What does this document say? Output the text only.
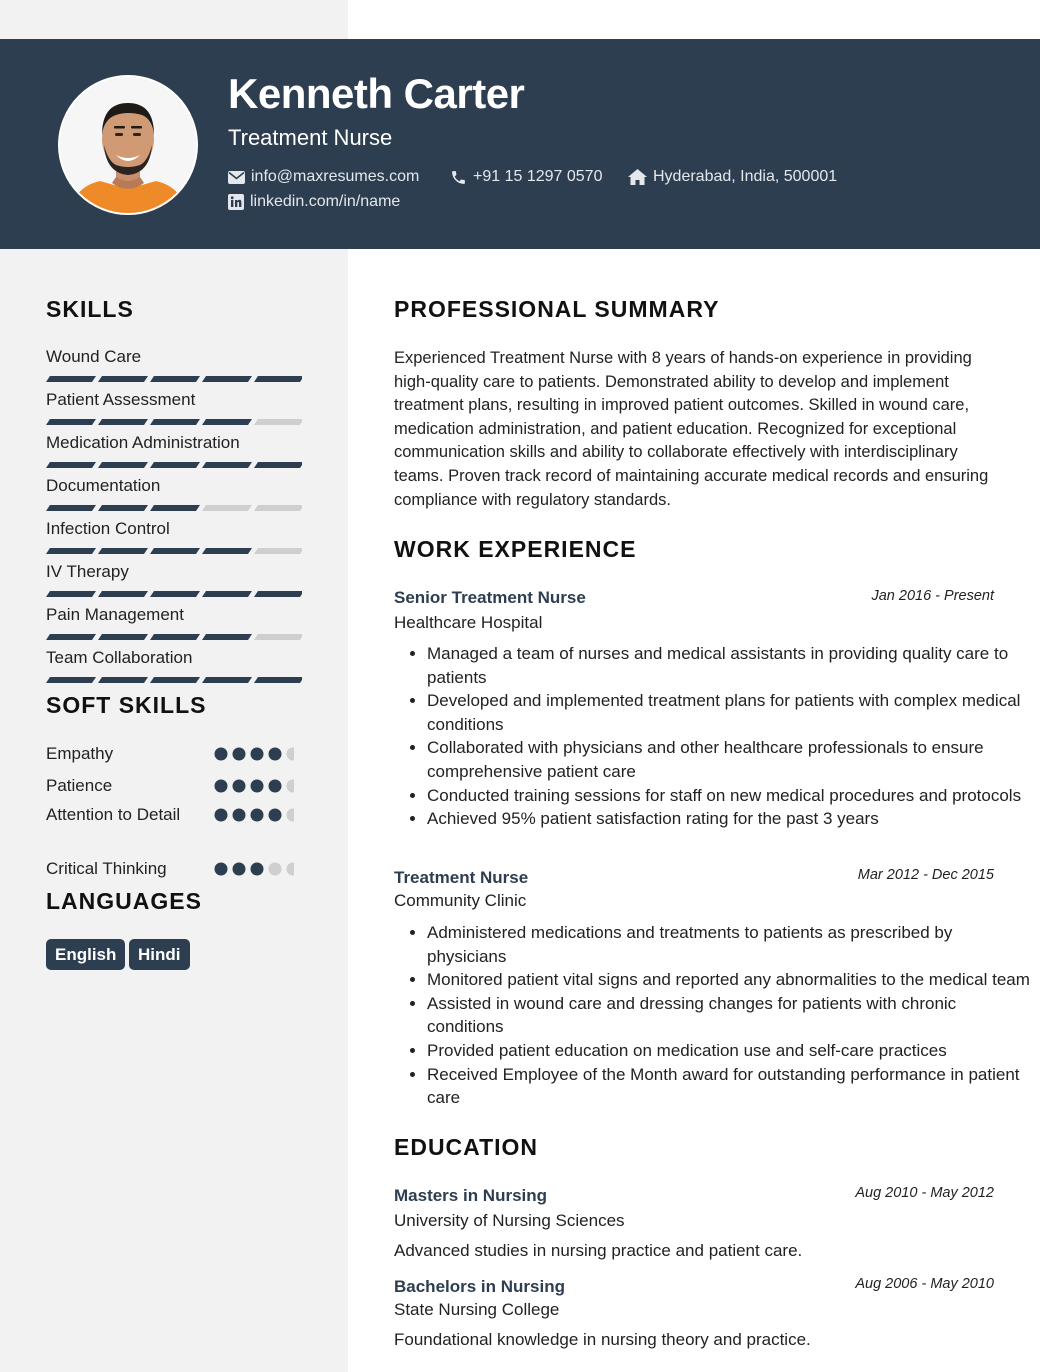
Kenneth Carter
Treatment Nurse
info@maxresumes.com	+91 15 1297 0570	Hyderabad, India, 500001
linkedin.com/in/name
SKILLS
Wound Care
Patient Assessment
Medication Administration
Documentation
Infection Control
IV Therapy
Pain Management
Team Collaboration
SOFT SKILLS
Empathy
Patience
Attention to Detail
Critical Thinking
LANGUAGES
English	Hindi
PROFESSIONAL SUMMARY
Experienced Treatment Nurse with 8 years of hands-on experience in providing high-quality care to patients. Demonstrated ability to develop and implement treatment plans, resulting in improved patient outcomes. Skilled in wound care, medication administration, and patient education. Recognized for exceptional communication skills and ability to collaborate effectively with interdisciplinary teams. Proven track record of maintaining accurate medical records and ensuring compliance with regulatory standards.
WORK EXPERIENCE
Senior Treatment Nurse	Jan 2016 - Present
Healthcare Hospital
• Managed a team of nurses and medical assistants in providing quality care to patients
• Developed and implemented treatment plans for patients with complex medical conditions
• Collaborated with physicians and other healthcare professionals to ensure comprehensive patient care
• Conducted training sessions for staff on new medical procedures and protocols
• Achieved 95% patient satisfaction rating for the past 3 years
Treatment Nurse	Mar 2012 - Dec 2015
Community Clinic
• Administered medications and treatments to patients as prescribed by physicians
• Monitored patient vital signs and reported any abnormalities to the medical team
• Assisted in wound care and dressing changes for patients with chronic conditions
• Provided patient education on medication use and self-care practices
• Received Employee of the Month award for outstanding performance in patient care
EDUCATION
Masters in Nursing	Aug 2010 - May 2012
University of Nursing Sciences
Advanced studies in nursing practice and patient care.
Bachelors in Nursing	Aug 2006 - May 2010
State Nursing College
Foundational knowledge in nursing theory and practice.
